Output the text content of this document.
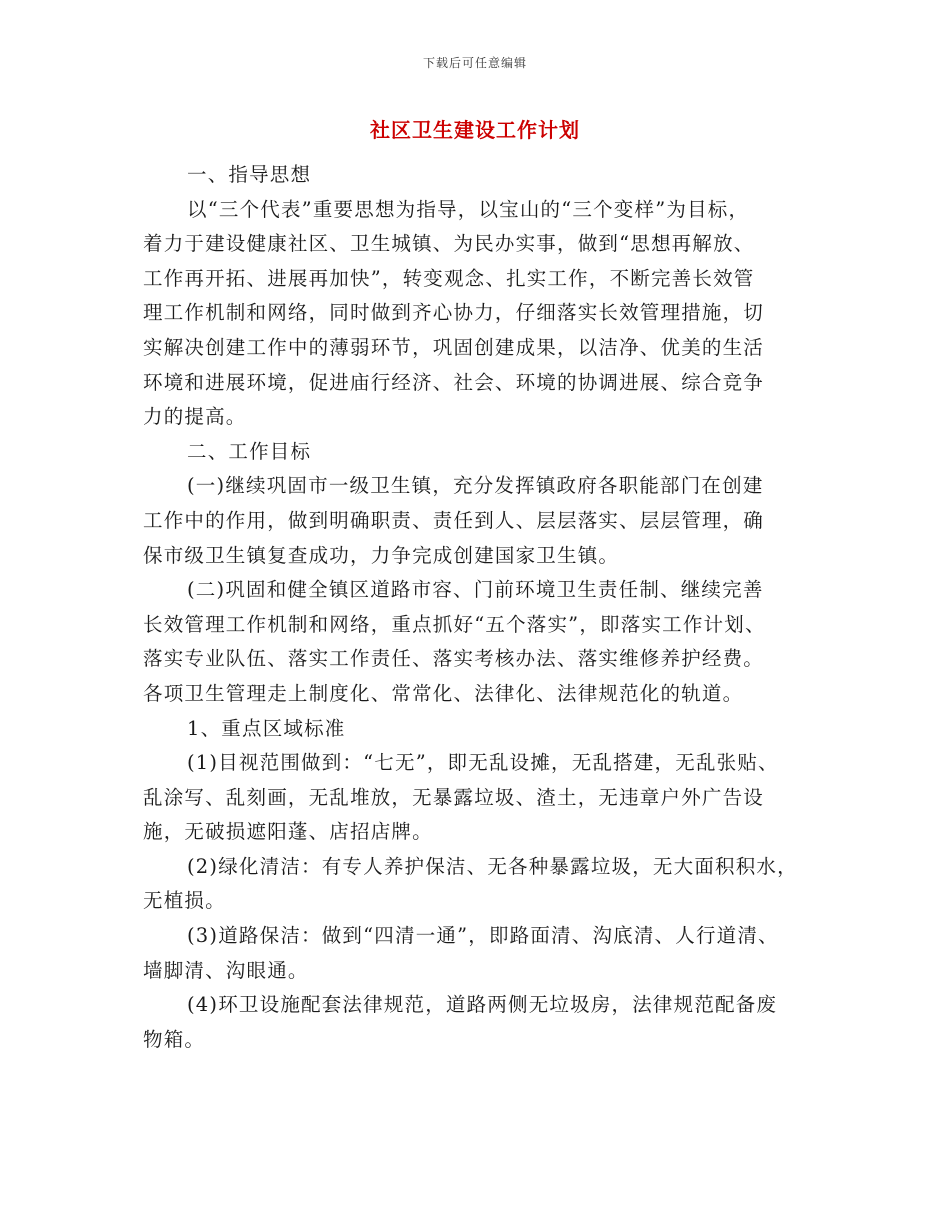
下载后可任意编辑
社区卫生建设工作计划
一、指导思想
以“三个代表”重要思想为指导，以宝山的“三个变样”为目标，
着力于建设健康社区、卫生城镇、为民办实事，做到“思想再解放、
工作再开拓、进展再加快”，转变观念、扎实工作，不断完善长效管
理工作机制和网络，同时做到齐心协力，仔细落实长效管理措施，切
实解决创建工作中的薄弱环节，巩固创建成果，以洁净、优美的生活
环境和进展环境，促进庙行经济、社会、环境的协调进展、综合竞争
力的提高。
二、工作目标
(一)继续巩固市一级卫生镇，充分发挥镇政府各职能部门在创建
工作中的作用，做到明确职责、责任到人、层层落实、层层管理，确
保市级卫生镇复查成功，力争完成创建国家卫生镇。
(二)巩固和健全镇区道路市容、门前环境卫生责任制、继续完善
长效管理工作机制和网络，重点抓好“五个落实”，即落实工作计划、
落实专业队伍、落实工作责任、落实考核办法、落实维修养护经费。
各项卫生管理走上制度化、常常化、法律化、法律规范化的轨道。
1、重点区域标准
(1)目视范围做到：“七无”，即无乱设摊，无乱搭建，无乱张贴、
乱涂写、乱刻画，无乱堆放，无暴露垃圾、渣土，无违章户外广告设
施，无破损遮阳蓬、店招店牌。
(2)绿化清洁：有专人养护保洁、无各种暴露垃圾，无大面积积水，
无植损。
(3)道路保洁：做到“四清一通”，即路面清、沟底清、人行道清、
墙脚清、沟眼通。
(4)环卫设施配套法律规范，道路两侧无垃圾房，法律规范配备废
物箱。
